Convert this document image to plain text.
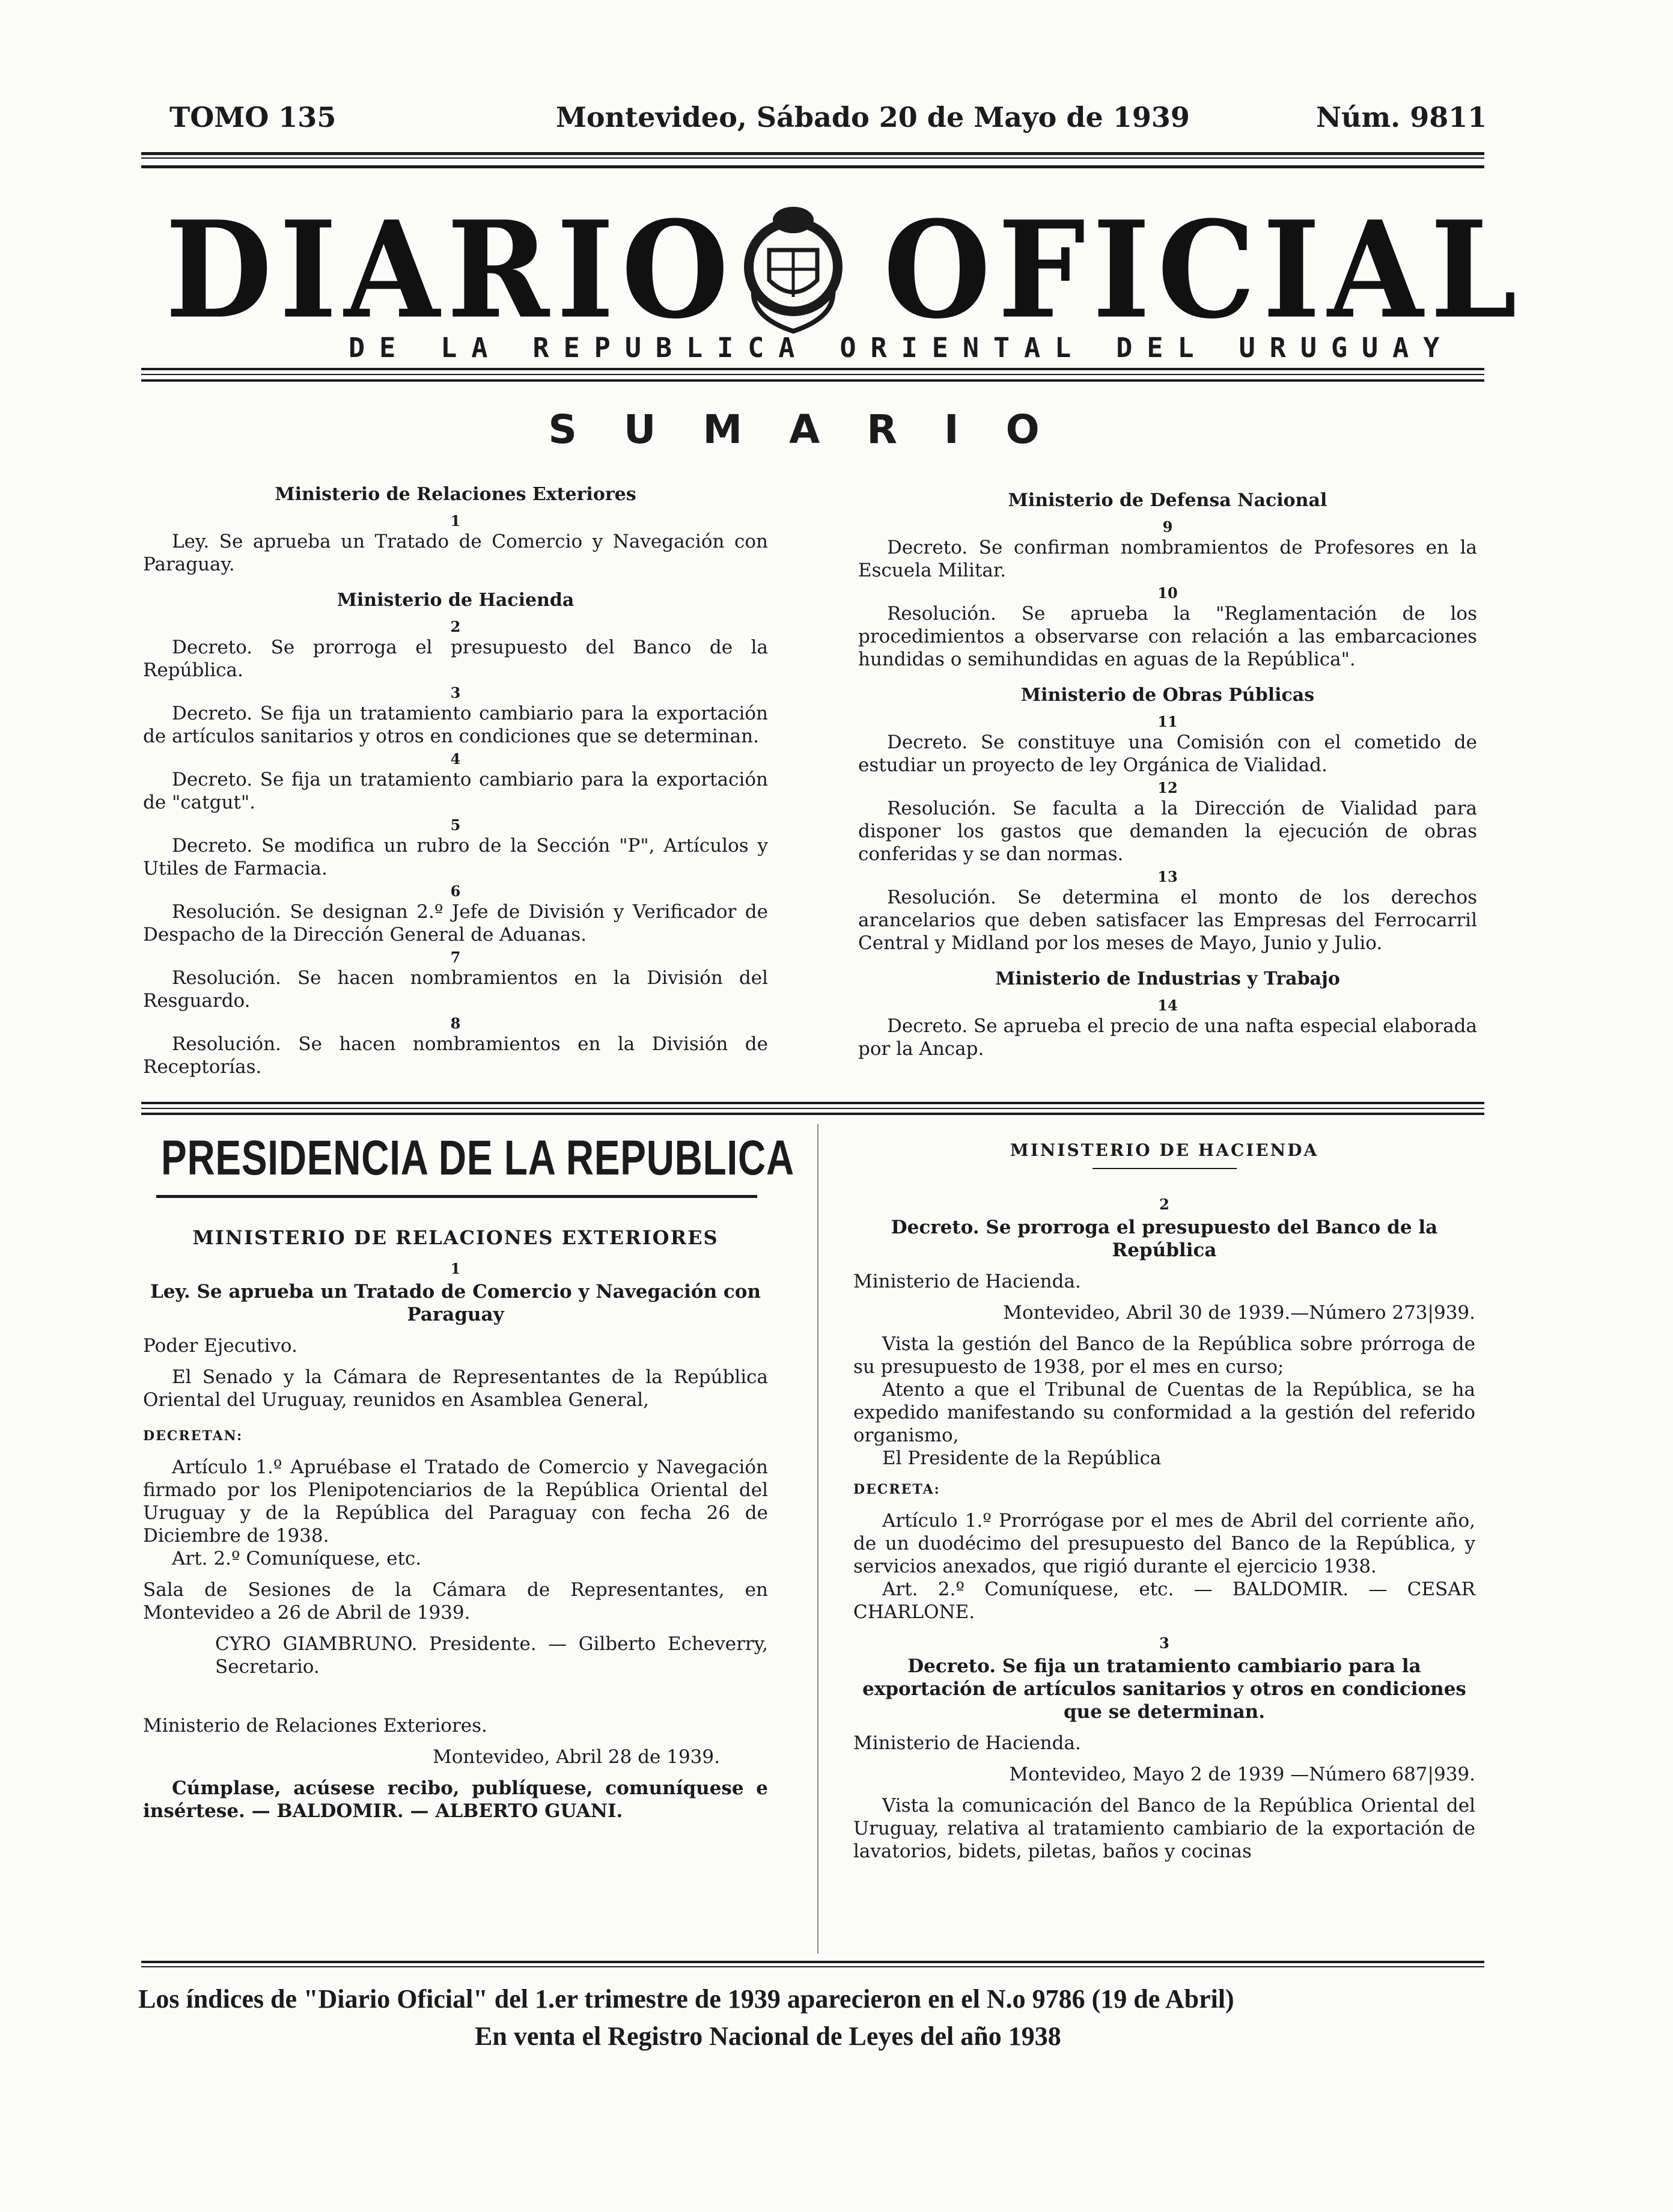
TOMO 135	Montevideo, Sábado 20 de Mayo de 1939	Núm. 9811
DIARIO OFICIAL
DE LA REPUBLICA ORIENTAL DEL URUGUAY
SUMARIO
Ministerio de Relaciones Exteriores
1
Ley. Se aprueba un Tratado de Comercio y Navegación con Paraguay.
Ministerio de Hacienda
2
Decreto. Se prorroga el presupuesto del Banco de la República.
3
Decreto. Se fija un tratamiento cambiario para la exportación de artículos sanitarios y otros en condiciones que se determinan.
4
Decreto. Se fija un tratamiento cambiario para la exportación de "catgut".
5
Decreto. Se modifica un rubro de la Sección "P", Artículos y Utiles de Farmacia.
6
Resolución. Se designan 2.º Jefe de División y Verificador de Despacho de la Dirección General de Aduanas.
7
Resolución. Se hacen nombramientos en la División del Resguardo.
8
Resolución. Se hacen nombramientos en la División de Receptorías.
Ministerio de Defensa Nacional
9
Decreto. Se confirman nombramientos de Profesores en la Escuela Militar.
10
Resolución. Se aprueba la "Reglamentación de los procedimientos a observarse con relación a las embarcaciones hundidas o semihundidas en aguas de la República".
Ministerio de Obras Públicas
11
Decreto. Se constituye una Comisión con el cometido de estudiar un proyecto de ley Orgánica de Vialidad.
12
Resolución. Se faculta a la Dirección de Vialidad para disponer los gastos que demanden la ejecución de obras conferidas y se dan normas.
13
Resolución. Se determina el monto de los derechos arancelarios que deben satisfacer las Empresas del Ferrocarril Central y Midland por los meses de Mayo, Junio y Julio.
Ministerio de Industrias y Trabajo
14
Decreto. Se aprueba el precio de una nafta especial elaborada por la Ancap.
PRESIDENCIA DE LA REPUBLICA

MINISTERIO DE RELACIONES EXTERIORES

1

Ley. Se aprueba un Tratado de Comercio y Navegación con Paraguay

Poder Ejecutivo.

El Senado y la Cámara de Representantes de la República Oriental del Uruguay, reunidos en Asamblea General,

DECRETAN:

Artículo 1.º Apruébase el Tratado de Comercio y Navegación firmado por los Plenipotenciarios de la República Oriental del Uruguay y de la República del Paraguay con fecha 26 de Diciembre de 1938.

Art. 2.º Comuníquese, etc.

Sala de Sesiones de la Cámara de Representantes, en Montevideo a 26 de Abril de 1939.

CYRO GIAMBRUNO. Presidente. — Gilberto Echeverry, Secretario.

Ministerio de Relaciones Exteriores.

Montevideo, Abril 28 de 1939.

Cúmplase, acúsese recibo, publíquese, comuníquese e insértese. — BALDOMIR. — ALBERTO GUANI.

MINISTERIO DE HACIENDA

2

Decreto. Se prorroga el presupuesto del Banco de la República

Ministerio de Hacienda.

Montevideo, Abril 30 de 1939.—Número 273|939.

Vista la gestión del Banco de la República sobre prórroga de su presupuesto de 1938, por el mes en curso;

Atento a que el Tribunal de Cuentas de la República, se ha expedido manifestando su conformidad a la gestión del referido organismo,

El Presidente de la República

DECRETA:

Artículo 1.º Prorrógase por el mes de Abril del corriente año, de un duodécimo del presupuesto del Banco de la República, y servicios anexados, que rigió durante el ejercicio 1938.

Art. 2.º Comuníquese, etc. — BALDOMIR. — CESAR CHARLONE.

3

Decreto. Se fija un tratamiento cambiario para la exportación de artículos sanitarios y otros en condiciones que se determinan.

Ministerio de Hacienda.

Montevideo, Mayo 2 de 1939 —Número 687|939.

Vista la comunicación del Banco de la República Oriental del Uruguay, relativa al tratamiento cambiario de la exportación de lavatorios, bidets, piletas, baños y cocinas

Los índices de "Diario Oficial" del 1.er trimestre de 1939 aparecieron en el N.o 9786 (19 de Abril)
En venta el Registro Nacional de Leyes del año 1938
